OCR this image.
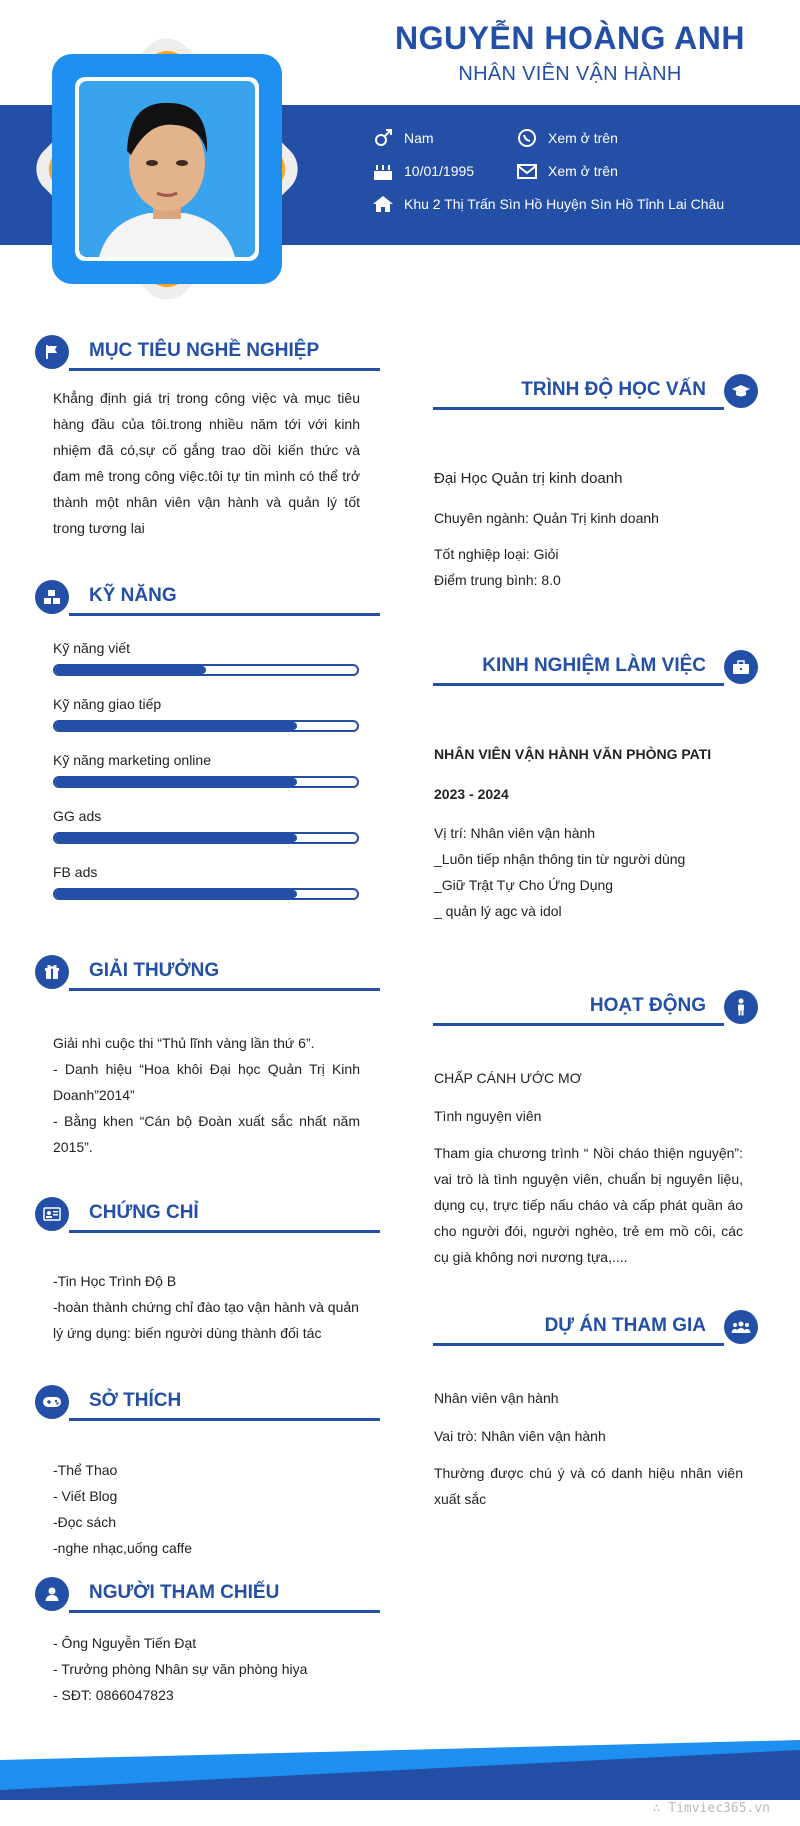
NGUYỄN HOÀNG ANH
NHÂN VIÊN VẬN HÀNH
Nam	Xem ở trên
10/01/1995	Xem ở trên
Khu 2 Thị Trấn Sìn Hồ Huyện Sìn Hồ Tỉnh Lai Châu
MỤC TIÊU NGHỀ NGHIỆP
Khẳng định giá trị trong công việc và mục tiêu hàng đầu của tôi.trong nhiều năm tới với kinh nhiệm đã có,sự cố gắng trao dồi kiến thức và đam mê trong công việc.tôi tự tin mình có thể trở thành một nhân viên vận hành và quản lý tốt trong tương lai
KỸ NĂNG
Kỹ năng viết
Kỹ năng giao tiếp
Kỹ năng marketing online
GG ads
FB ads
GIẢI THƯỞNG

Giải nhì cuộc thi “Thủ lĩnh vàng lần thứ 6”.

- Danh hiệu “Hoa khôi Đại học Quản Trị Kinh Doanh”2014”

- Bằng khen “Cán bộ Đoàn xuất sắc nhất năm 2015”.

CHỨNG CHỈ

-Tin Học Trình Độ B

-hoàn thành chứng chỉ đào tạo vận hành và quản lý ứng dụng: biến người dùng thành đối tác

SỞ THÍCH

-Thể Thao

- Viết Blog

-Đọc sách

-nghe nhạc,uống caffe

NGƯỜI THAM CHIẾU

- Ông Nguyễn Tiến Đạt

- Trưởng phòng Nhân sự văn phòng hiya

- SĐT: 0866047823

TRÌNH ĐỘ HỌC VẤN
Đại Học Quản trị kinh doanh
Chuyên ngành: Quản Trị kinh doanh
Tốt nghiệp loại: Giỏi
Điểm trung bình: 8.0
KINH NGHIỆM LÀM VIỆC
NHÂN VIÊN VẬN HÀNH VĂN PHÒNG PATI
2023 - 2024

Vị trí: Nhân viên vận hành

_Luôn tiếp nhận thông tin từ người dùng

_Giữ Trật Tự Cho Ứng Dụng

_ quản lý agc và idol

HOẠT ĐỘNG
CHẤP CÁNH ƯỚC MƠ
Tình nguyện viên
Tham gia chương trình “ Nồi cháo thiện nguyện”: vai trò là tình nguyện viên, chuẩn bị nguyên liệu, dụng cụ, trực tiếp nấu cháo và cấp phát quần áo cho người đói, người nghèo, trẻ em mồ côi, các cụ già không nơi nương tựa,....
DỰ ÁN THAM GIA
Nhân viên vận hành
Vai trò: Nhân viên vận hành
Thường được chú ý và có danh hiệu nhân viên xuất sắc
∴ Timviec365.vn
